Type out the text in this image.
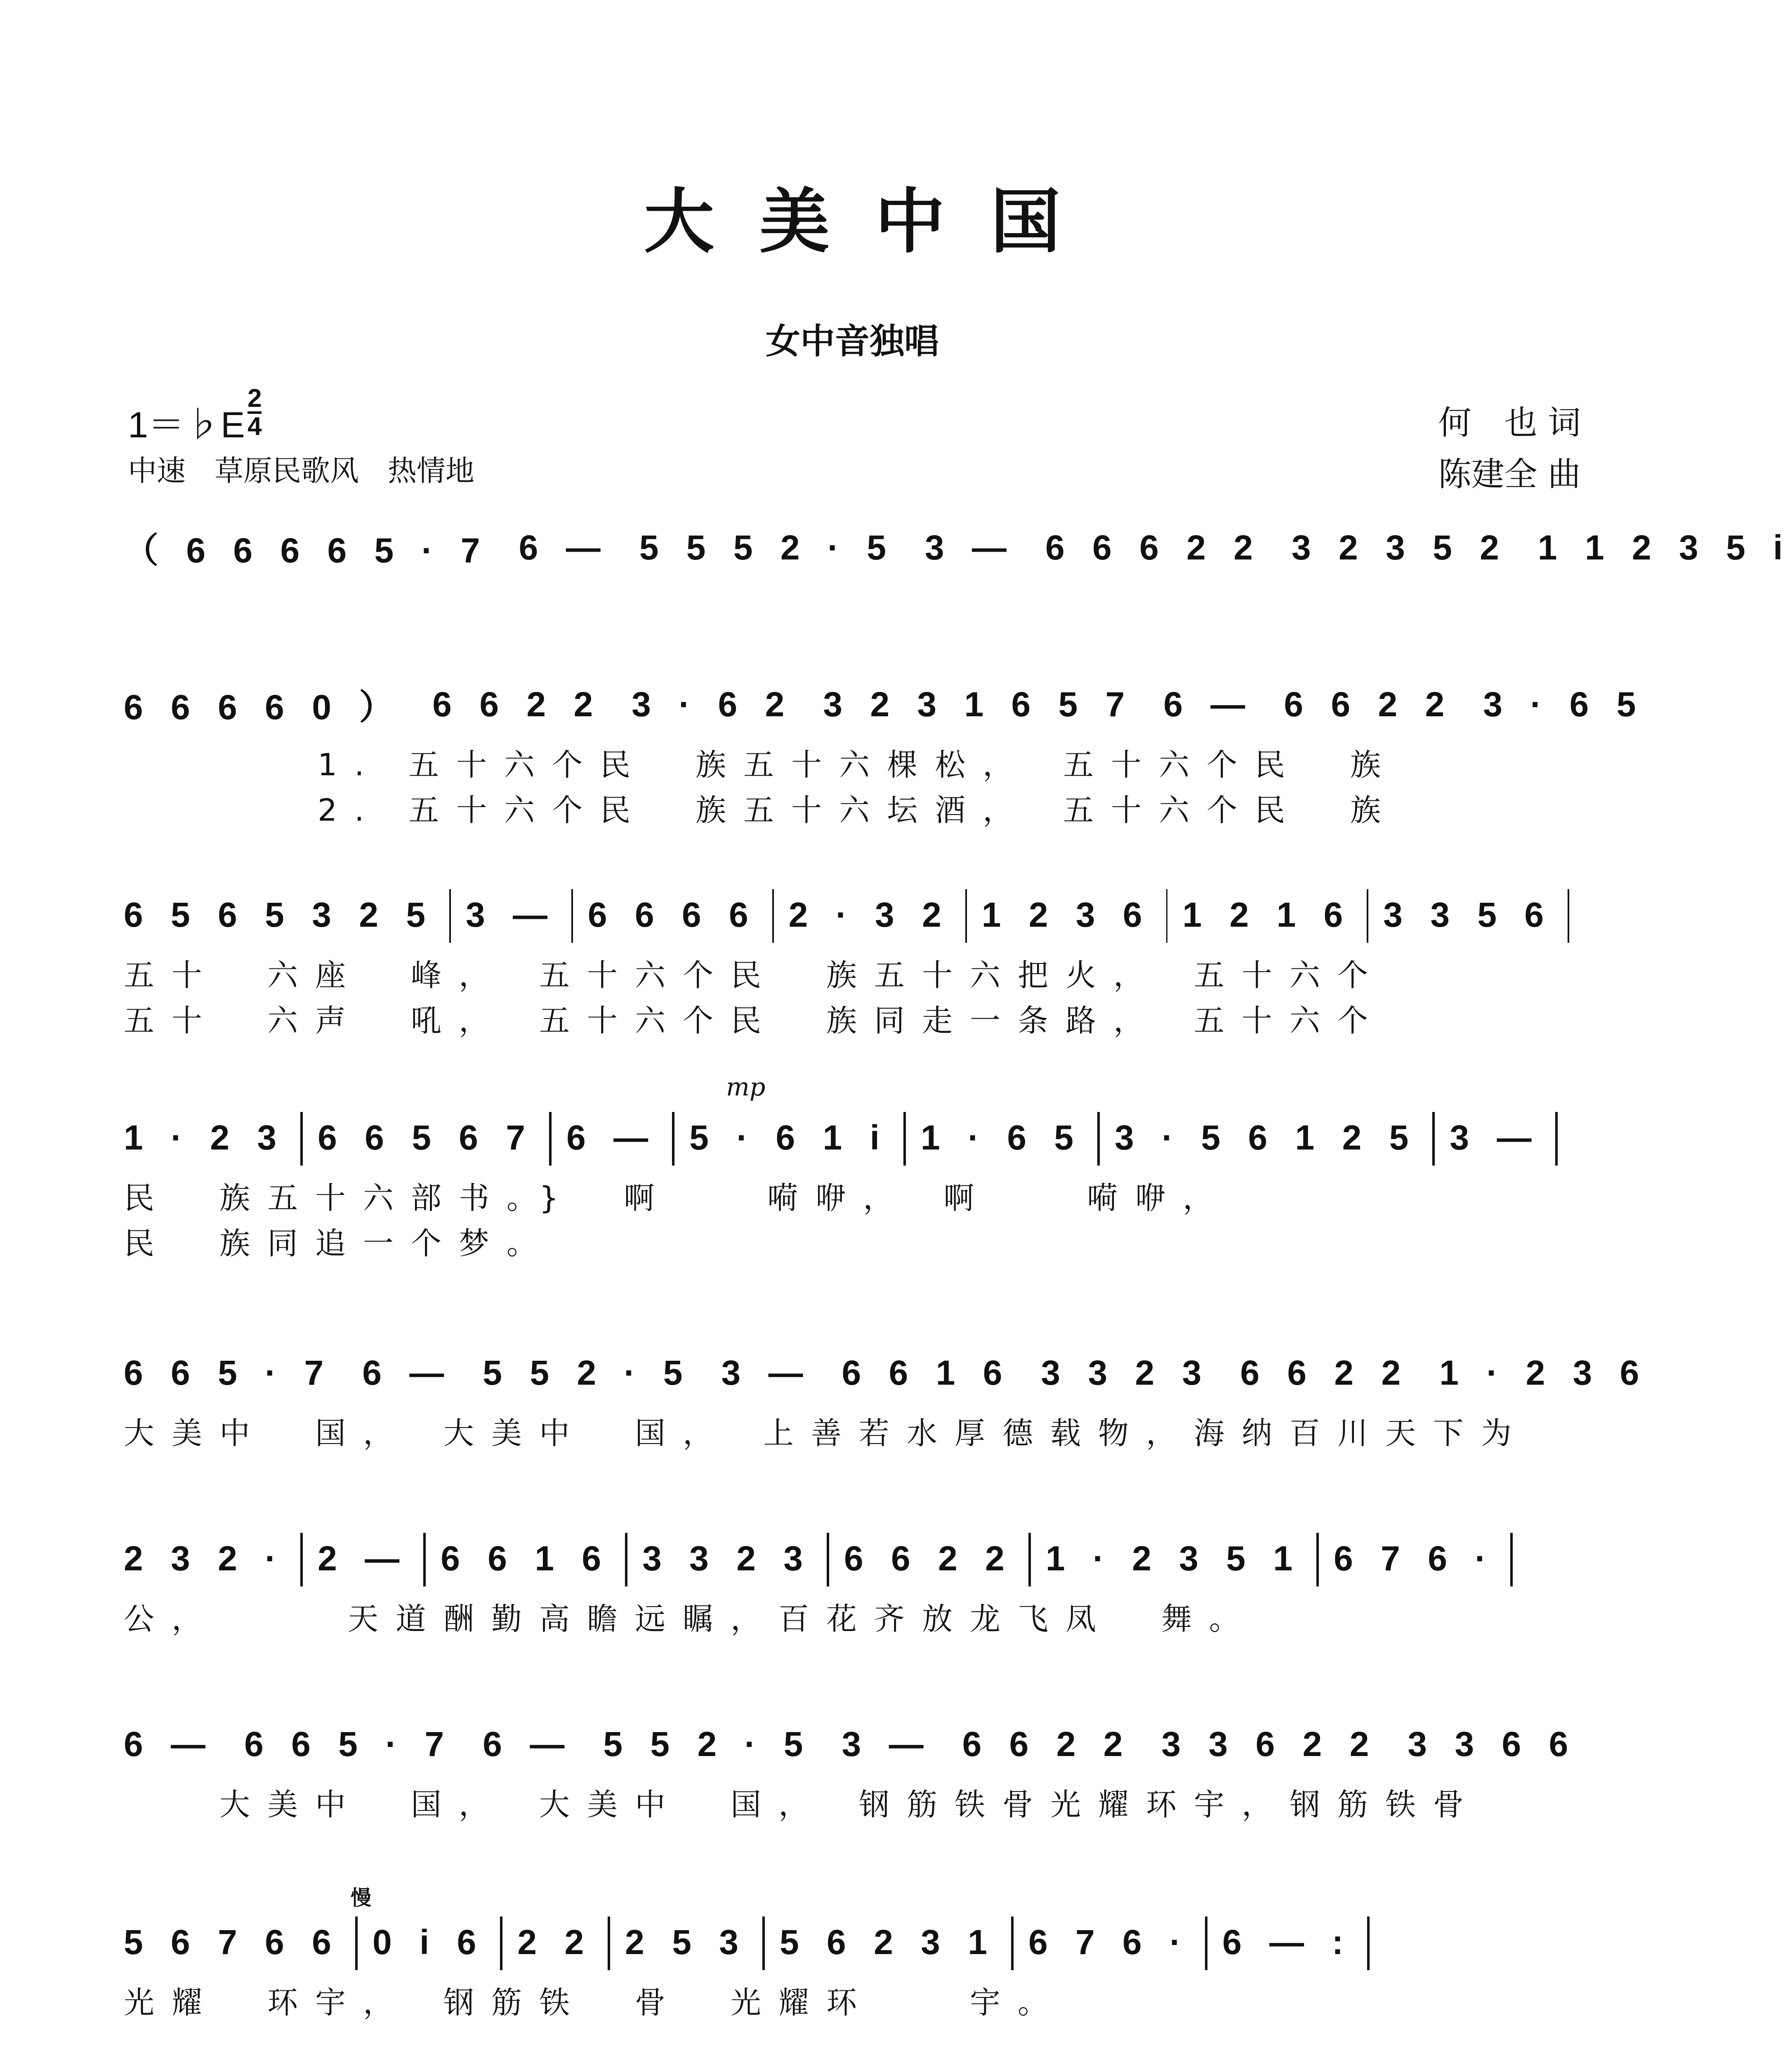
大美中国
女中音独唱
1＝♭E
2
4
中速　草原民歌风　热情地
何　也 词
陈建全 曲
（ 6 6 6 6 5 · 7 6 — 5 5 5 2 · 5 3 — 6 6 6 2 2 3 2 3 5 2 1 1 2 3 5 i
6 6 6 6 0 ） 6 6 2 2 3 · 6 2 3 2 3 1 6 5 7 6 — 6 6 2 2 3 · 6 5
1. 五十六个民　族五十六棵松，　五十六个民　族
2. 五十六个民　族五十六坛酒，　五十六个民　族
6 5 6 5 3 2 5 3 — 6 6 6 6 2 · 3 2 1 2 3 6 1 2 1 6 3 3 5 6
五十　六座　峰，　五十六个民　族五十六把火，　五十六个
五十　六声　吼，　五十六个民　族同走一条路，　五十六个
mp
1 · 2 3 6 6 5 6 7 6 — 5 · 6 1 i 1 · 6 5 3 · 5 6 1 2 5 3 —
民　族五十六部书。}　啊　　嗬咿，　啊　　嗬咿，
民　族同追一个梦。
6 6 5 · 7 6 — 5 5 2 · 5 3 — 6 6 1 6 3 3 2 3 6 6 2 2 1 · 2 3 6
大美中　国，　大美中　国，　上善若水厚德载物，海纳百川天下为
2 3 2 · 2 — 6 6 1 6 3 3 2 3 6 6 2 2 1 · 2 3 5 1 6 7 6 ·
公，　　　天道酬勤高瞻远瞩，百花齐放龙飞凤　舞。
6 — 6 6 5 · 7 6 — 5 5 2 · 5 3 — 6 6 2 2 3 3 6 2 2 3 3 6 6
　　大美中　国，　大美中　国，　钢筋铁骨光耀环宇，钢筋铁骨
慢
5 6 7 6 6 0 i 6 2 2 2 5 3 5 6 2 3 1 6 7 6 · 6 — :
光耀　环宇，　钢筋铁　骨　光耀环　　宇。
